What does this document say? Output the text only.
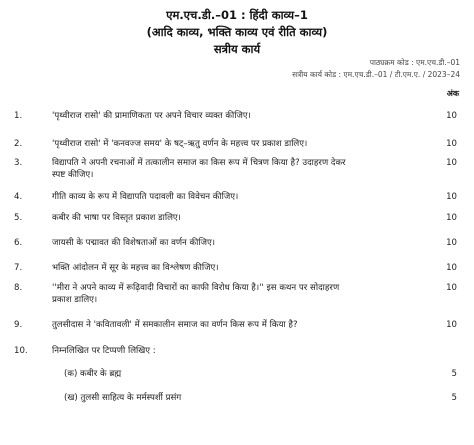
एम.एच.डी.–01 : हिंदी काव्य–1
(आदि काव्य, भक्ति काव्य एवं रीति काव्य)
सत्रीय कार्य
पाठ्यक्रम कोड : एम.एच.डी.–01
सत्रीय कार्य कोड : एम.एच.डी.–01 / टी.एम.ए. / 2023–24
अंक
1.	'पृथ्वीराज रासो' की प्रामाणिकता पर अपने विचार व्यक्त कीजिए।	10
2.	'पृथ्वीराज रासो' में 'कनवज्ज समय' के षट्–ऋतु वर्णन के महत्त्व पर प्रकाश डालिए।	10
3.	विद्यापति ने अपनी रचनाओं में तत्कालीन समाज का किस रूप में चित्रण किया है? उदाहरण देकर	10
स्पष्ट कीजिए।
4.	गीति काव्य के रूप में विद्यापति पदावली का विवेचन कीजिए।	10
5.	कबीर की भाषा पर विस्तृत प्रकाश डालिए।	10
6.	जायसी के पद्मावत की विशेषताओं का वर्णन कीजिए।	10
7.	भक्ति आंदोलन में सूर के महत्त्व का विश्लेषण कीजिए।	10
8.	''मीरा ने अपने काव्य में रूढ़िवादी विचारों का काफी विरोध किया है।'' इस कथन पर सोदाहरण	10
प्रकाश डालिए।
9.	तुलसीदास ने 'कवितावली' में समकालीन समाज का वर्णन किस रूप में किया है?	10
10.	निम्नलिखित पर टिप्पणी लिखिए :
(क) कबीर के ब्रह्म	5
(ख) तुलसी साहित्य के मर्मस्पर्शी प्रसंग	5
